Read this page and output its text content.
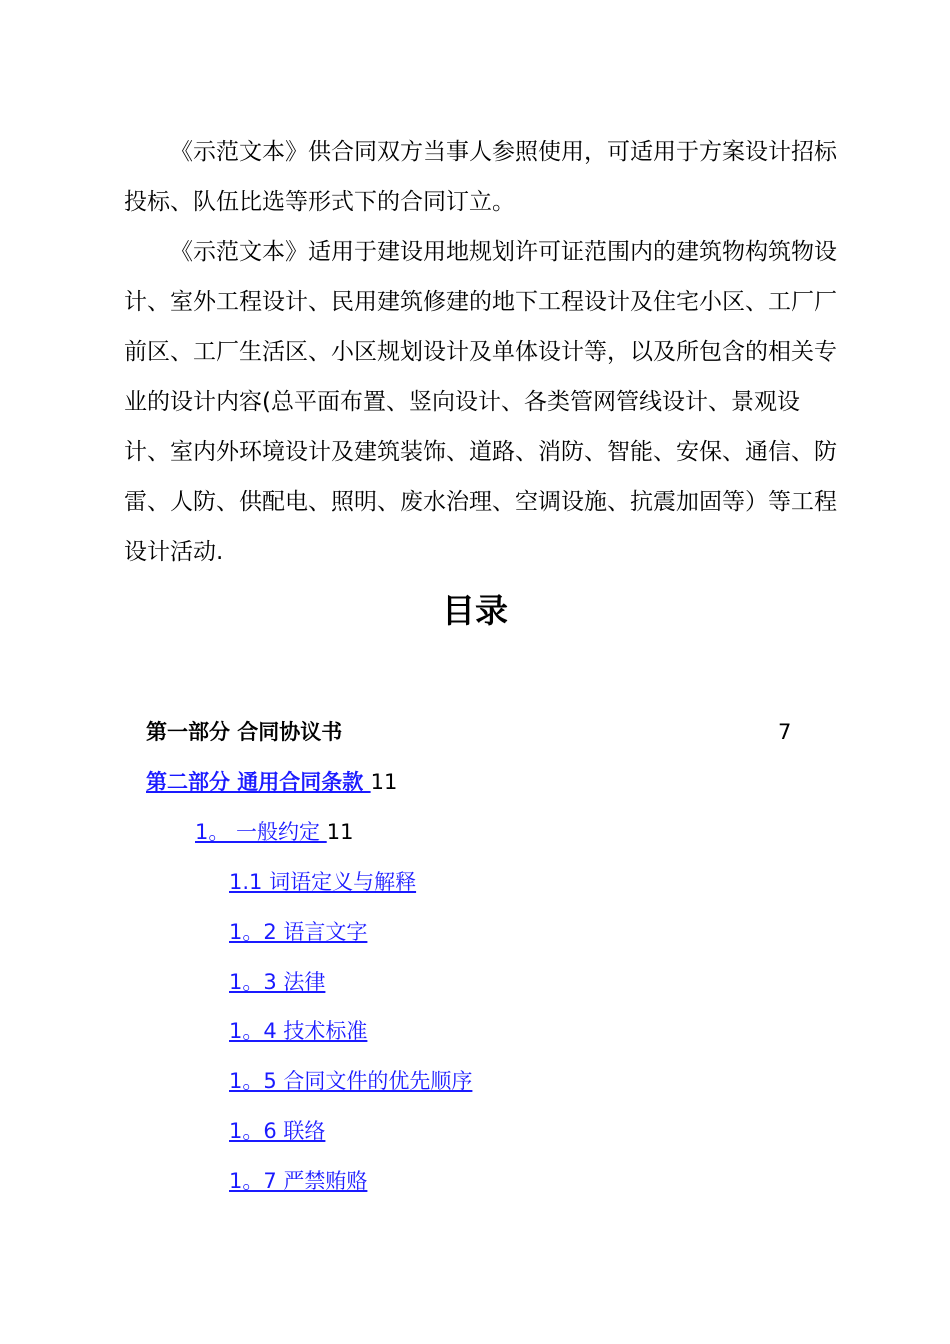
《示范文本》供合同双方当事人参照使用，可适用于方案设计招标投标、队伍比选等形式下的合同订立。

《示范文本》适用于建设用地规划许可证范围内的建筑物构筑物设计、室外工程设计、民用建筑修建的地下工程设计及住宅小区、工厂厂前区、工厂生活区、小区规划设计及单体设计等，以及所包含的相关专业的设计内容(总平面布置、竖向设计、各类管网管线设计、景观设计、室内外环境设计及建筑装饰、道路、消防、智能、安保、通信、防雷、人防、供配电、照明、废水治理、空调设施、抗震加固等）等工程设计活动.

目录
第一部分 合同协议书	7
第二部分 通用合同条款 11
1。 一般约定 11
1.1 词语定义与解释
1。2 语言文字
1。3 法律
1。4 技术标准
1。5 合同文件的优先顺序
1。6 联络
1。7 严禁贿赂
